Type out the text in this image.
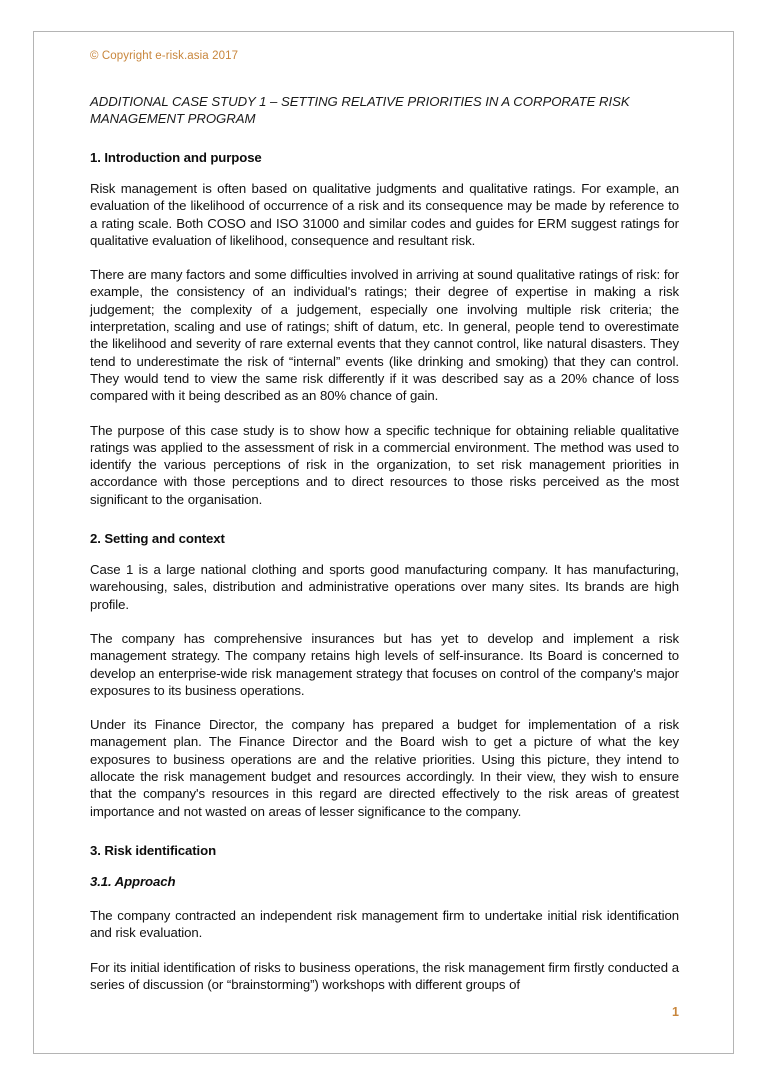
© Copyright e-risk.asia 2017

ADDITIONAL CASE STUDY 1 – SETTING RELATIVE PRIORITIES IN A CORPORATE RISK MANAGEMENT PROGRAM

1. Introduction and purpose

Risk management is often based on qualitative judgments and qualitative ratings. For example, an evaluation of the likelihood of occurrence of a risk and its consequence may be made by reference to a rating scale. Both COSO and ISO 31000 and similar codes and guides for ERM suggest ratings for qualitative evaluation of likelihood, consequence and resultant risk.

There are many factors and some difficulties involved in arriving at sound qualitative ratings of risk: for example, the consistency of an individual's ratings; their degree of expertise in making a risk judgement; the complexity of a judgement, especially one involving multiple risk criteria; the interpretation, scaling and use of ratings; shift of datum, etc. In general, people tend to overestimate the likelihood and severity of rare external events that they cannot control, like natural disasters. They tend to underestimate the risk of “internal” events (like drinking and smoking) that they can control. They would tend to view the same risk differently if it was described say as a 20% chance of loss compared with it being described as an 80% chance of gain.

The purpose of this case study is to show how a specific technique for obtaining reliable qualitative ratings was applied to the assessment of risk in a commercial environment. The method was used to identify the various perceptions of risk in the organization, to set risk management priorities in accordance with those perceptions and to direct resources to those risks perceived as the most significant to the organisation.

2. Setting and context

Case 1 is a large national clothing and sports good manufacturing company. It has manufacturing, warehousing, sales, distribution and administrative operations over many sites. Its brands are high profile.

The company has comprehensive insurances but has yet to develop and implement a risk management strategy. The company retains high levels of self-insurance. Its Board is concerned to develop an enterprise-wide risk management strategy that focuses on control of the company's major exposures to its business operations.

Under its Finance Director, the company has prepared a budget for implementation of a risk management plan. The Finance Director and the Board wish to get a picture of what the key exposures to business operations are and the relative priorities. Using this picture, they intend to allocate the risk management budget and resources accordingly. In their view, they wish to ensure that the company's resources in this regard are directed effectively to the risk areas of greatest importance and not wasted on areas of lesser significance to the company.

3. Risk identification
3.1. Approach

The company contracted an independent risk management firm to undertake initial risk identification and risk evaluation.

For its initial identification of risks to business operations, the risk management firm firstly conducted a series of discussion (or “brainstorming”) workshops with different groups of

1
